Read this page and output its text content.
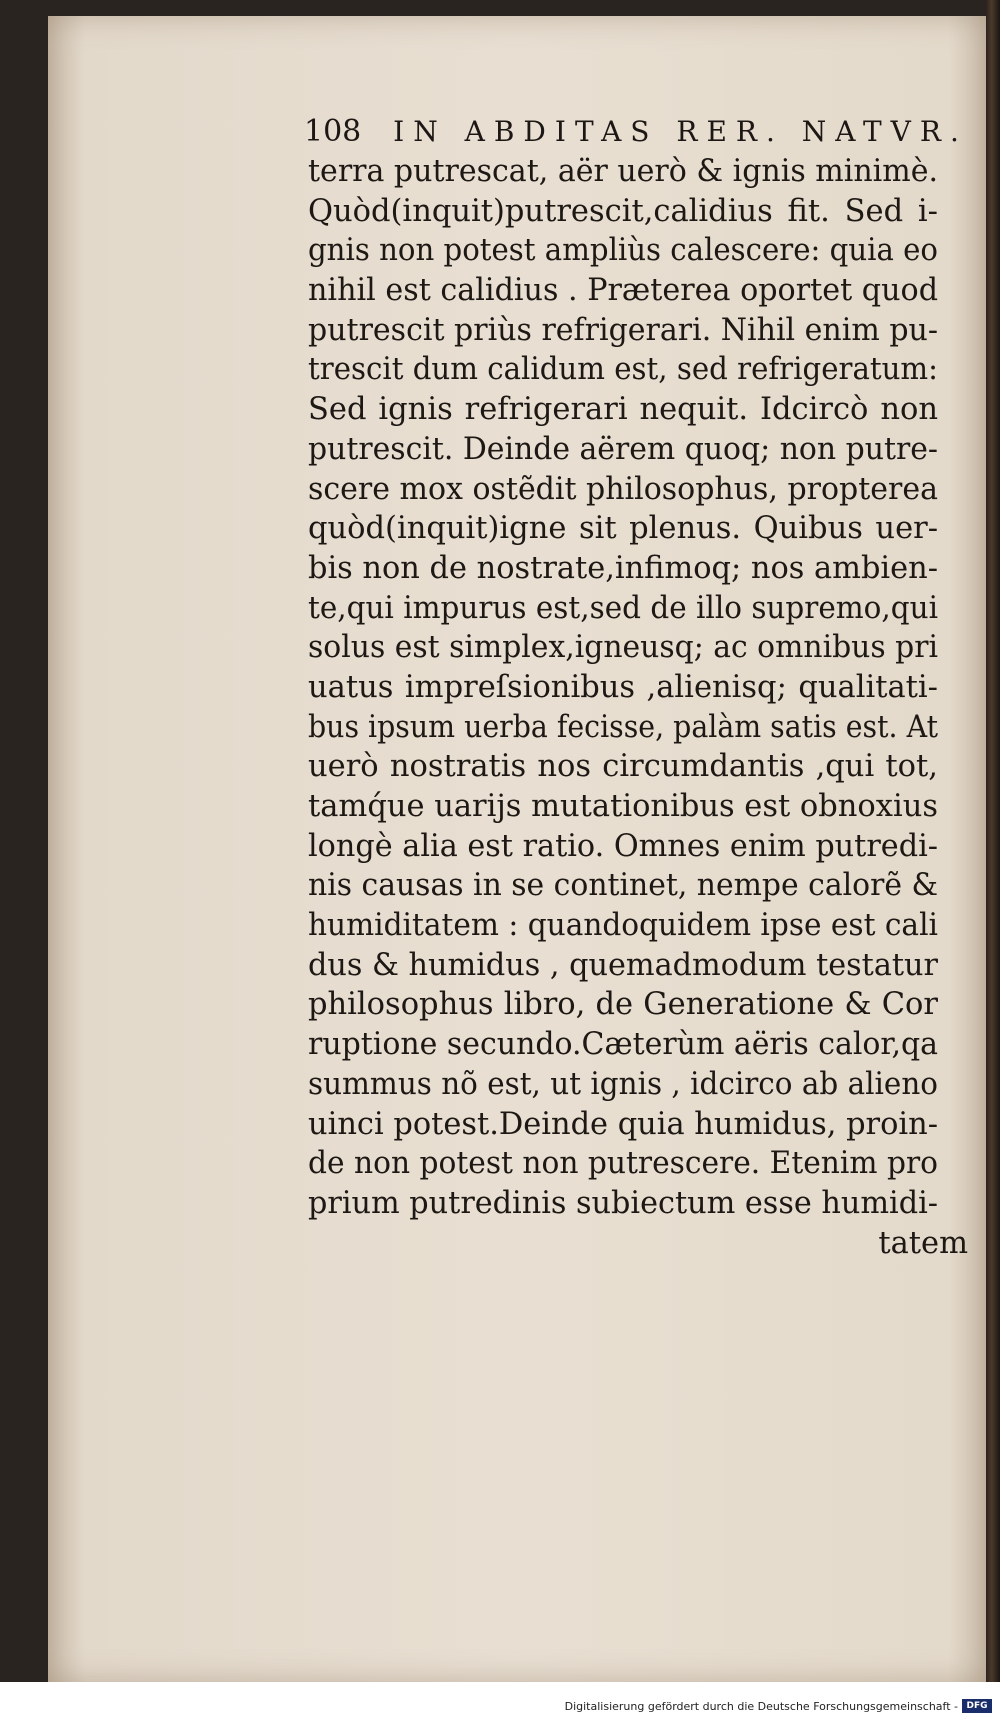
108 IN ABDITAS RER. NATVR.
terra putrescat, aër uerò & ignis minimè.
Quòd(inquit)putrescit,calidius fit. Sed i-
gnis non potest ampliùs calescere: quia eo
nihil est calidius . Præterea oportet quod
putrescit priùs refrigerari. Nihil enim pu-
trescit dum calidum est, sed refrigeratum:
Sed ignis refrigerari nequit. Idcircò non
putrescit. Deinde aërem quoq; non putre-
scere mox ostẽdit philosophus, propterea
quòd(inquit)igne sit plenus. Quibus uer-
bis non de nostrate,infimoq; nos ambien-
te,qui impurus est,sed de illo supremo,qui
solus est simplex,igneusq; ac omnibus pri
uatus impreſsionibus ,alienisq; qualitati-
bus ipsum uerba fecisse, palàm satis est. At
uerò nostratis nos circumdantis ,qui tot,
tamq́ue uarijs mutationibus est obnoxius
longè alia est ratio. Omnes enim putredi-
nis causas in se continet, nempe calorẽ &
humiditatem : quandoquidem ipse est cali
dus & humidus , quemadmodum testatur
philosophus libro, de Generatione & Cor
ruptione secundo.Cæterùm aëris calor,qa
summus nõ est, ut ignis , idcirco ab alieno
uinci potest.Deinde quia humidus, proin-
de non potest non putrescere. Etenim pro
prium putredinis subiectum esse humidi-
tatem
Digitalisierung gefördert durch die Deutsche Forschungsgemeinschaft - DFG
